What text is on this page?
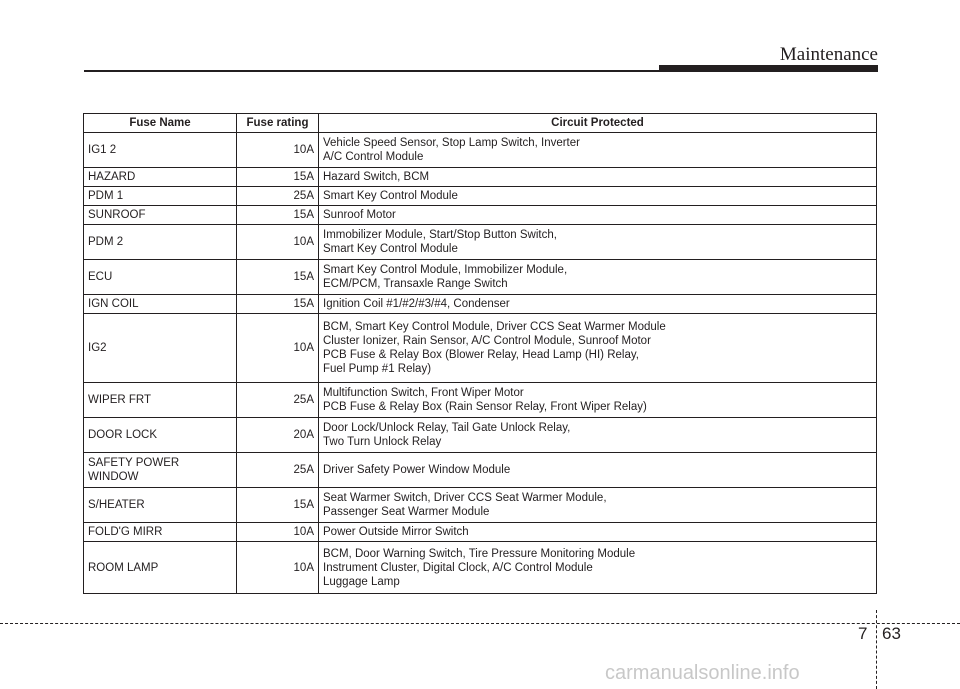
Maintenance
Fuse Name	Fuse rating	Circuit Protected
IG1 2	10A	Vehicle Speed Sensor, Stop Lamp Switch, Inverter
A/C Control Module
HAZARD	15A	Hazard Switch, BCM
PDM 1	25A	Smart Key Control Module
SUNROOF	15A	Sunroof Motor
PDM 2	10A	Immobilizer Module, Start/Stop Button Switch,
Smart Key Control Module
ECU	15A	Smart Key Control Module, Immobilizer Module,
ECM/PCM, Transaxle Range Switch
IGN COIL	15A	Ignition Coil #1/#2/#3/#4, Condenser
IG2	10A	BCM, Smart Key Control Module, Driver CCS Seat Warmer Module
Cluster Ionizer, Rain Sensor, A/C Control Module, Sunroof Motor
PCB Fuse & Relay Box (Blower Relay, Head Lamp (HI) Relay,
Fuel Pump #1 Relay)
WIPER FRT	25A	Multifunction Switch, Front Wiper Motor
PCB Fuse & Relay Box (Rain Sensor Relay, Front Wiper Relay)
DOOR LOCK	20A	Door Lock/Unlock Relay, Tail Gate Unlock Relay,
Two Turn Unlock Relay
SAFETY POWER
WINDOW	25A	Driver Safety Power Window Module
S/HEATER	15A	Seat Warmer Switch, Driver CCS Seat Warmer Module,
Passenger Seat Warmer Module
FOLD'G MIRR	10A	Power Outside Mirror Switch
ROOM LAMP	10A	BCM, Door Warning Switch, Tire Pressure Monitoring Module
Instrument Cluster, Digital Clock, A/C Control Module
Luggage Lamp
7 63
carmanualsonline.info
